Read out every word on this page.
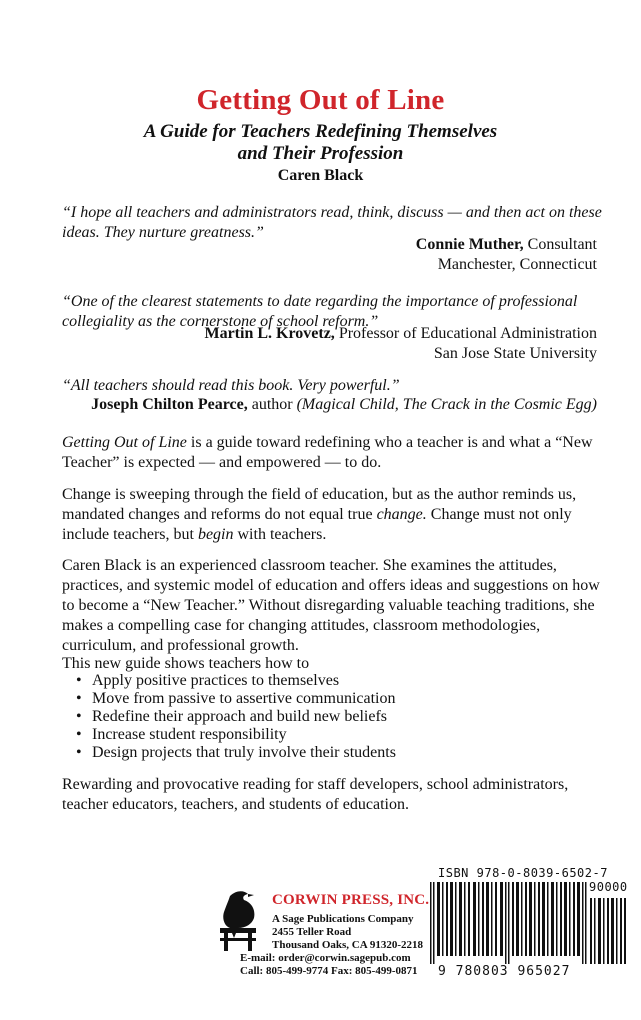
Getting Out of Line
A Guide for Teachers Redefining Themselves
and Their Profession
Caren Black
“I hope all teachers and administrators read, think, discuss — and then act on these ideas. They nurture greatness.”
Connie Muther, Consultant
Manchester, Connecticut
“One of the clearest statements to date regarding the importance of professional collegiality as the cornerstone of school reform.”
Martin L. Krovetz, Professor of Educational Administration
San Jose State University
“All teachers should read this book. Very powerful.”
Joseph Chilton Pearce, author (Magical Child, The Crack in the Cosmic Egg)
Getting Out of Line is a guide toward redefining who a teacher is and what a “New Teacher” is expected — and empowered — to do.
Change is sweeping through the field of education, but as the author reminds us, mandated changes and reforms do not equal true change. Change must not only include teachers, but begin with teachers.
Caren Black is an experienced classroom teacher. She examines the attitudes, practices, and systemic model of education and offers ideas and suggestions on how to become a “New Teacher.” Without disregarding valuable teaching traditions, she makes a compelling case for changing attitudes, classroom methodologies, curriculum, and professional growth.
This new guide shows teachers how to
• Apply positive practices to themselves
• Move from passive to assertive communication
• Redefine their approach and build new beliefs
• Increase student responsibility
• Design projects that truly involve their students
Rewarding and provocative reading for staff developers, school administrators, teacher educators, teachers, and students of education.
CORWIN PRESS, INC.
A Sage Publications Company
2455 Teller Road
Thousand Oaks, CA 91320-2218
E-mail: order@corwin.sagepub.com
Call: 805-499-9774 Fax: 805-499-0871
ISBN 978-0-8039-6502-7
90000
9 780803 965027
